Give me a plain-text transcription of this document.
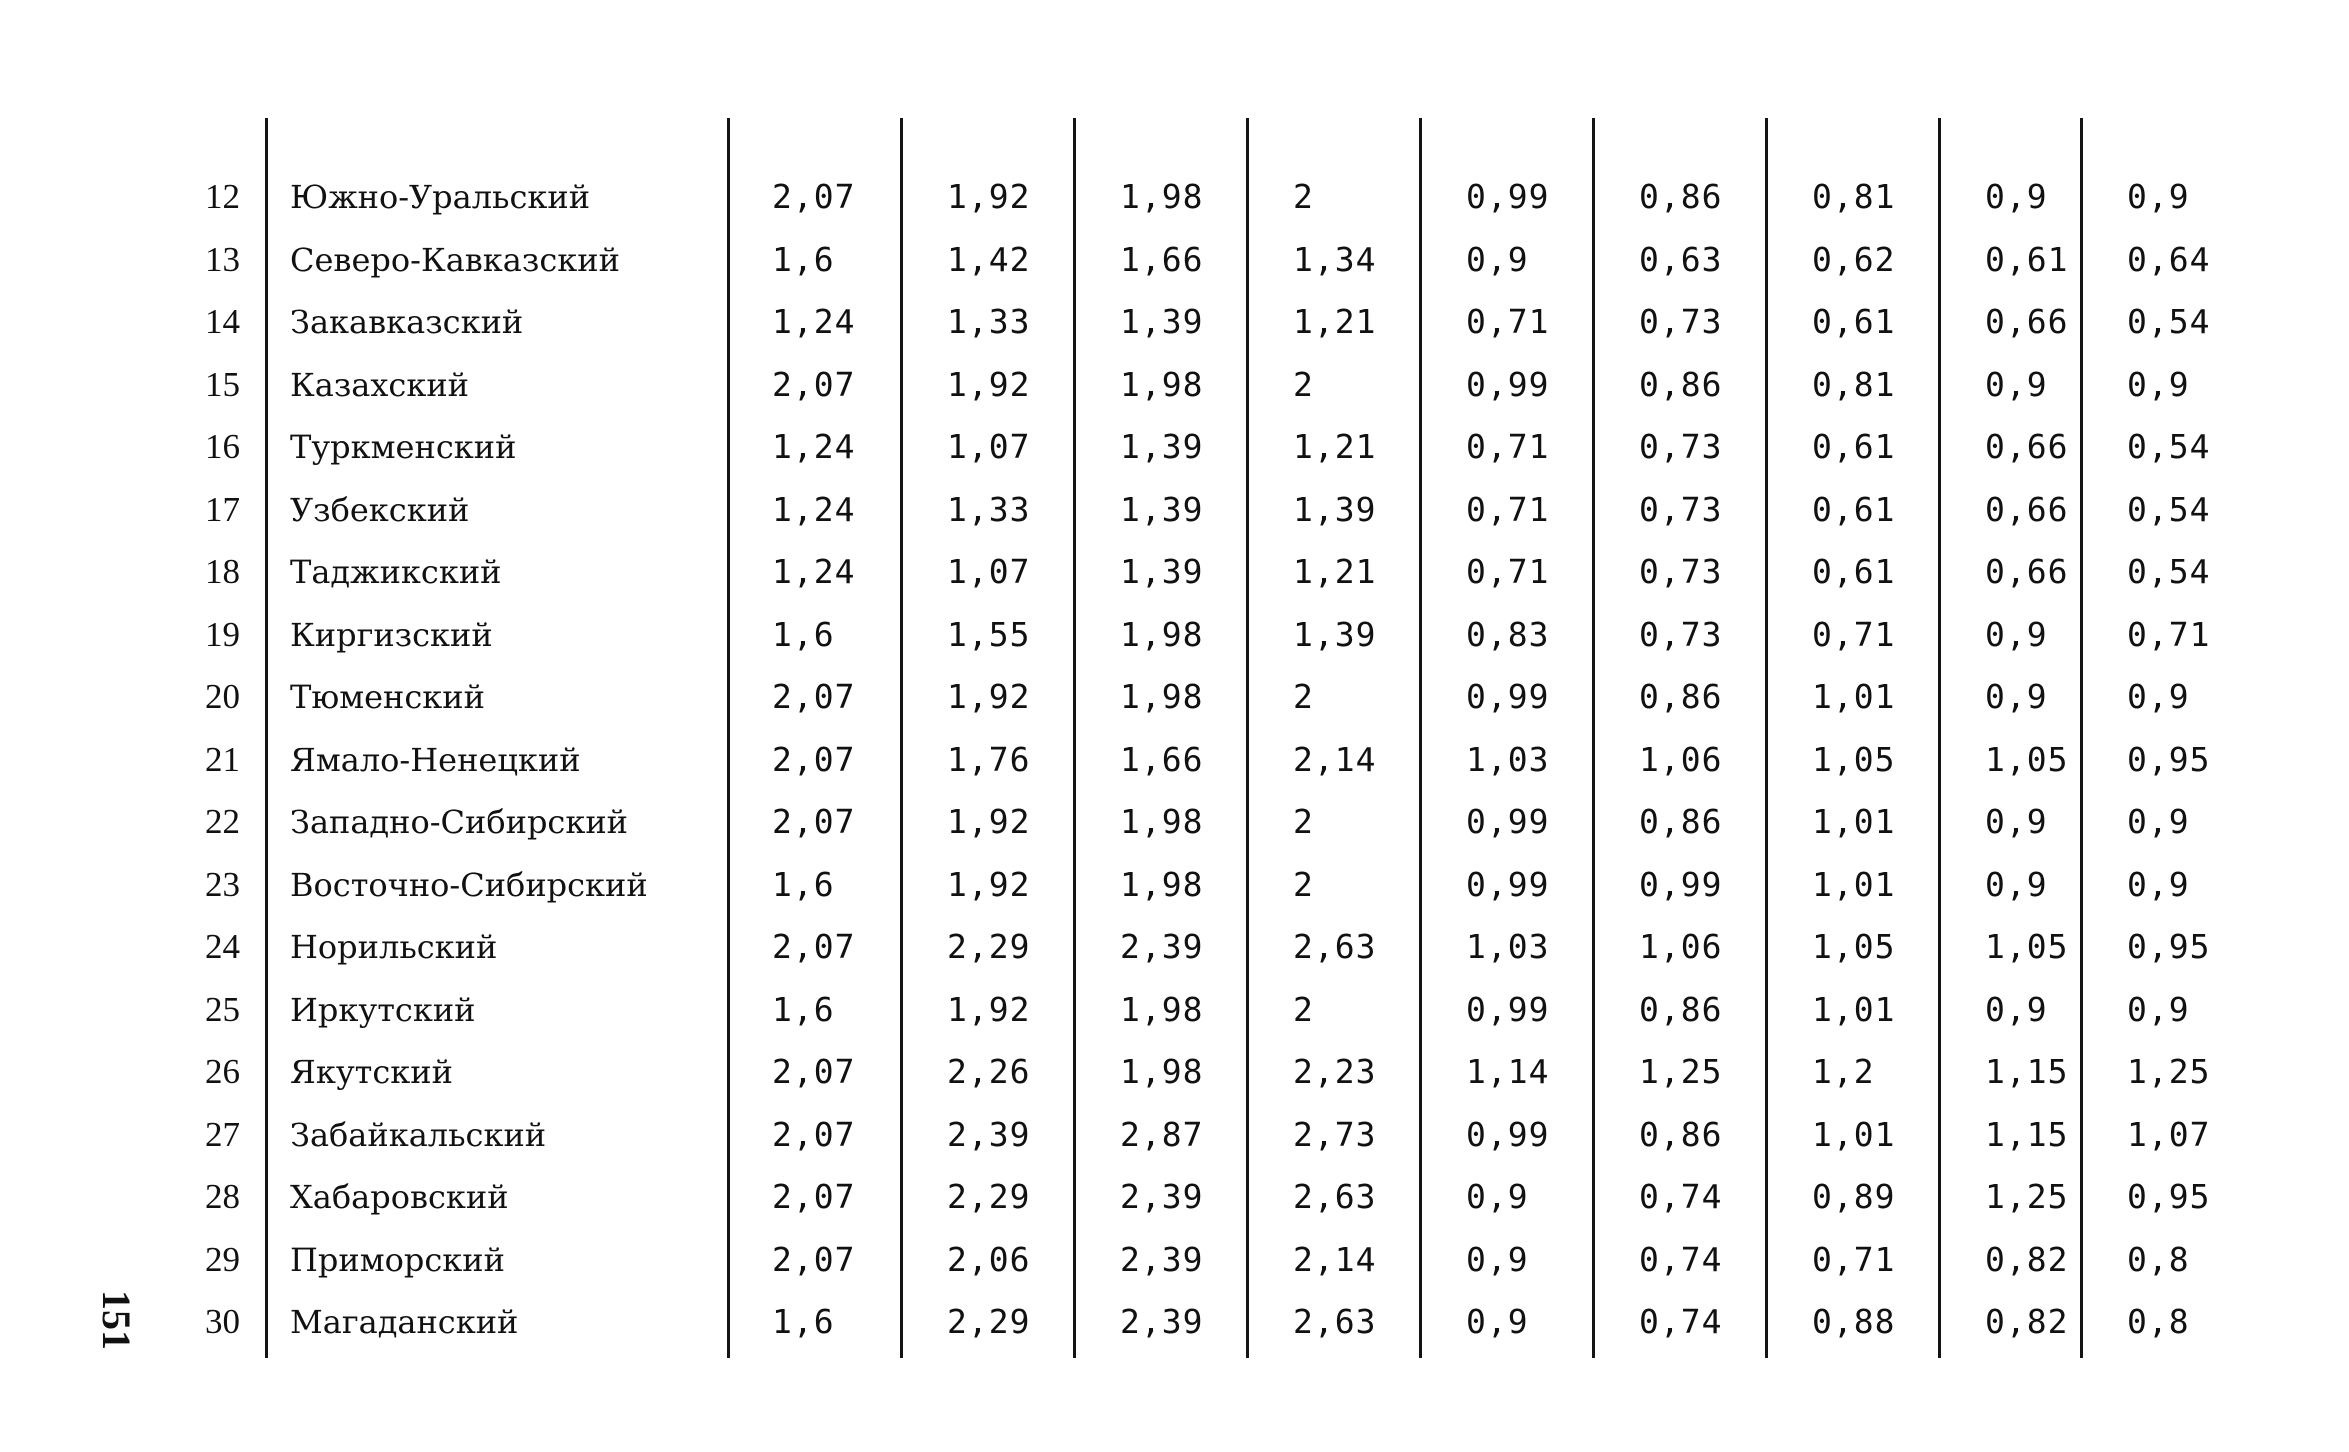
12 Южно-Уральский	2,07	1,92	1,98	2	0,99	0,86	0,81	0,9	0,9
13 Северо-Кавказский	1,6	1,42	1,66	1,34	0,9	0,63	0,62	0,61	0,64
14 Закавказский	1,24	1,33	1,39	1,21	0,71	0,73	0,61	0,66	0,54
15 Казахский	2,07	1,92	1,98	2	0,99	0,86	0,81	0,9	0,9
16 Туркменский	1,24	1,07	1,39	1,21	0,71	0,73	0,61	0,66	0,54
17 Узбекский	1,24	1,33	1,39	1,39	0,71	0,73	0,61	0,66	0,54
18 Таджикский	1,24	1,07	1,39	1,21	0,71	0,73	0,61	0,66	0,54
19 Киргизский	1,6	1,55	1,98	1,39	0,83	0,73	0,71	0,9	0,71
20 Тюменский	2,07	1,92	1,98	2	0,99	0,86	1,01	0,9	0,9
21 Ямало-Ненецкий	2,07	1,76	1,66	2,14	1,03	1,06	1,05	1,05	0,95
22 Западно-Сибирский	2,07	1,92	1,98	2	0,99	0,86	1,01	0,9	0,9
23 Восточно-Сибирский	1,6	1,92	1,98	2	0,99	0,99	1,01	0,9	0,9
24 Норильский	2,07	2,29	2,39	2,63	1,03	1,06	1,05	1,05	0,95
25 Иркутский	1,6	1,92	1,98	2	0,99	0,86	1,01	0,9	0,9
26 Якутский	2,07	2,26	1,98	2,23	1,14	1,25	1,2	1,15	1,25
27 Забайкальский	2,07	2,39	2,87	2,73	0,99	0,86	1,01	1,15	1,07
28 Хабаровский	2,07	2,29	2,39	2,63	0,9	0,74	0,89	1,25	0,95
29 Приморский	2,07	2,06	2,39	2,14	0,9	0,74	0,71	0,82	0,8
30 Магаданский	1,6	2,29	2,39	2,63	0,9	0,74	0,88	0,82	0,8
151
